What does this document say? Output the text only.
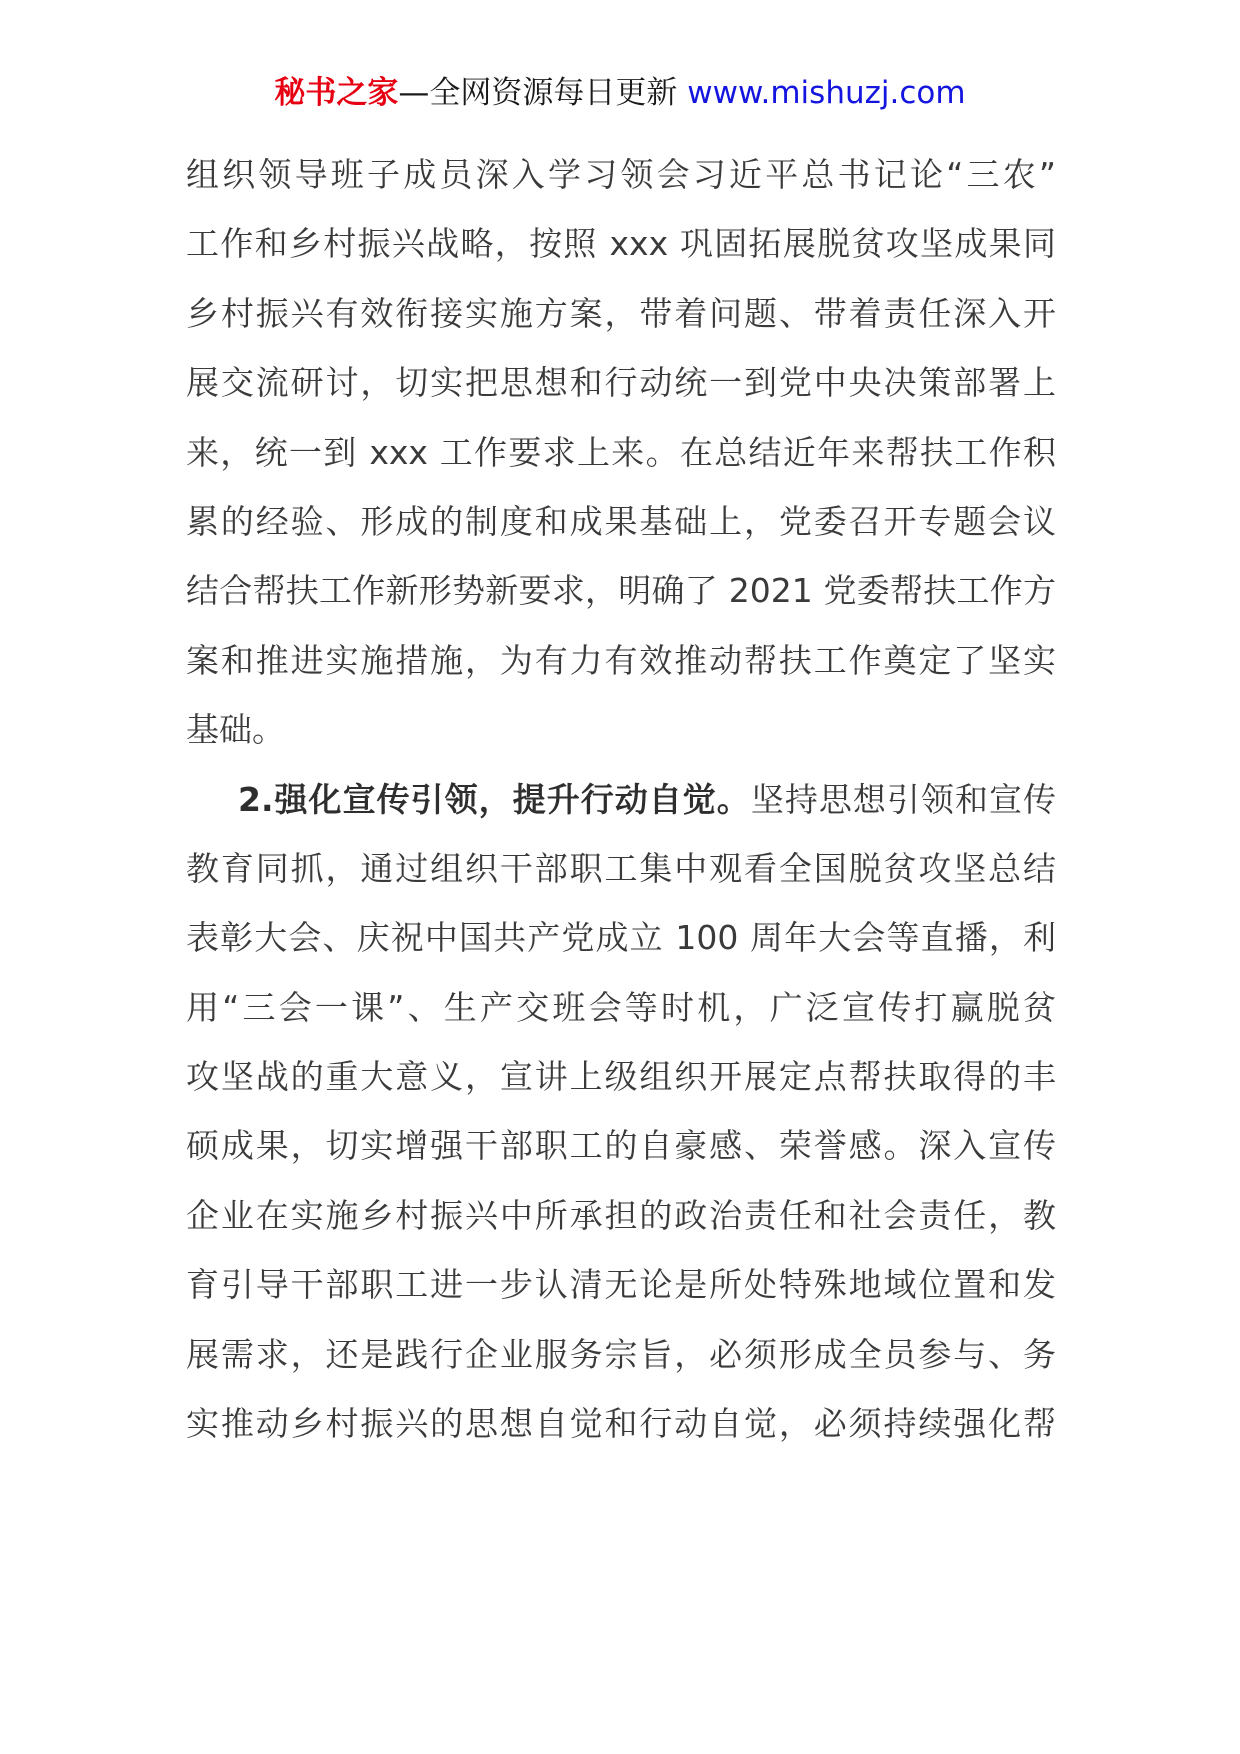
秘书之家—全网资源每日更新 www.mishuzj.com
组织领导班子成员深入学习领会习近平总书记论“三农”
工作和乡村振兴战略，按照 xxx 巩固拓展脱贫攻坚成果同
乡村振兴有效衔接实施方案，带着问题、带着责任深入开
展交流研讨，切实把思想和行动统一到党中央决策部署上
来，统一到 xxx 工作要求上来。在总结近年来帮扶工作积
累的经验、形成的制度和成果基础上，党委召开专题会议
结合帮扶工作新形势新要求，明确了 2021 党委帮扶工作方
案和推进实施措施，为有力有效推动帮扶工作奠定了坚实
基础。
2.强化宣传引领，提升行动自觉。坚持思想引领和宣传
教育同抓，通过组织干部职工集中观看全国脱贫攻坚总结
表彰大会、庆祝中国共产党成立 100 周年大会等直播，利
用“三会一课”、生产交班会等时机，广泛宣传打赢脱贫
攻坚战的重大意义，宣讲上级组织开展定点帮扶取得的丰
硕成果，切实增强干部职工的自豪感、荣誉感。深入宣传
企业在实施乡村振兴中所承担的政治责任和社会责任，教
育引导干部职工进一步认清无论是所处特殊地域位置和发
展需求，还是践行企业服务宗旨，必须形成全员参与、务
实推动乡村振兴的思想自觉和行动自觉，必须持续强化帮
